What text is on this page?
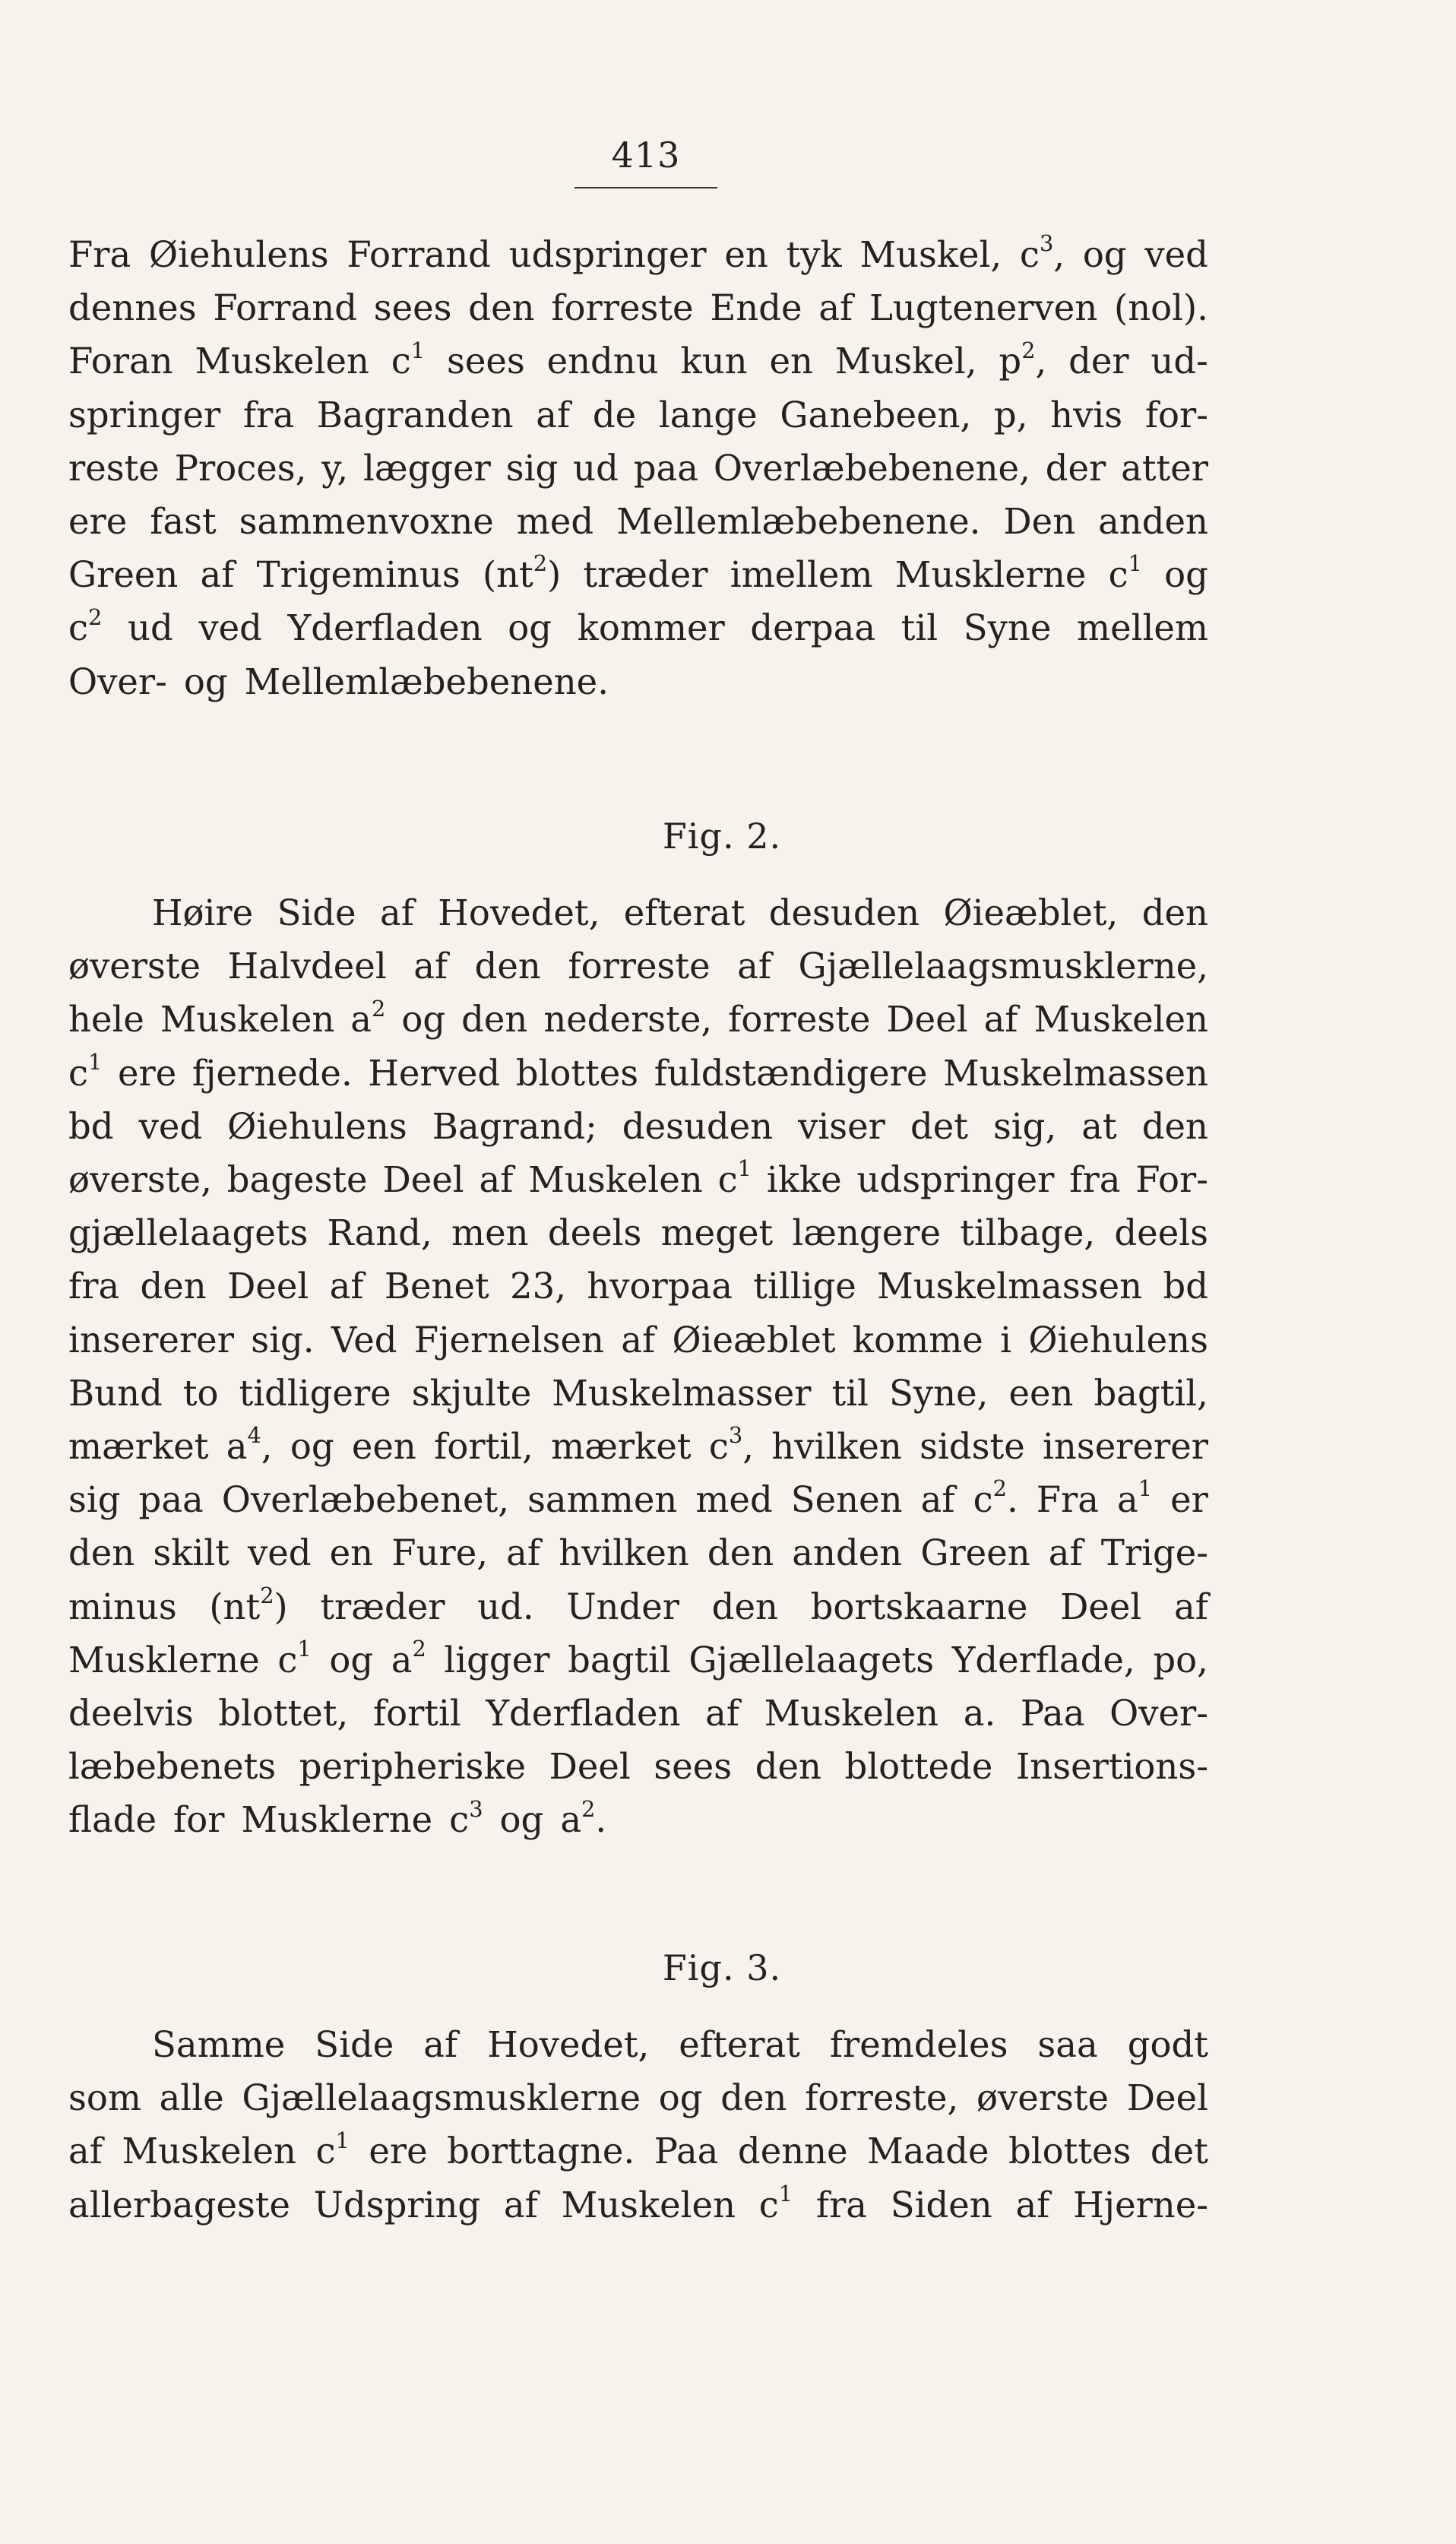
413
Fra Øiehulens Forrand udspringer en tyk Muskel, $c^3$, og ved
dennes Forrand sees den forreste Ende af Lugtenerven (nol).
Foran Muskelen $c^1$ sees endnu kun en Muskel, $p^2$, der ud-
springer fra Bagranden af de lange Ganebeen, p, hvis for-
reste Proces, y, lægger sig ud paa Overlæbebenene, der atter
ere fast sammenvoxne med Mellemlæbebenene. Den anden
Green af Trigeminus $(nt^2)$ træder imellem Musklerne $c^1$ og
$c^2$ ud ved Yderfladen og kommer derpaa til Syne mellem
Over- og Mellemlæbebenene.
Fig. 2.
Høire Side af Hovedet, efterat desuden Øieæblet, den
øverste Halvdeel af den forreste af Gjællelaagsmusklerne,
hele Muskelen $a^2$ og den nederste, forreste Deel af Muskelen
$c^1$ ere fjernede. Herved blottes fuldstændigere Muskelmassen
bd ved Øiehulens Bagrand; desuden viser det sig, at den
øverste, bageste Deel af Muskelen $c^1$ ikke udspringer fra For-
gjællelaagets Rand, men deels meget længere tilbage, deels
fra den Deel af Benet 23, hvorpaa tillige Muskelmassen bd
insererer sig. Ved Fjernelsen af Øieæblet komme i Øiehulens
Bund to tidligere skjulte Muskelmasser til Syne, een bagtil,
mærket $a^4$, og een fortil, mærket $c^3$, hvilken sidste insererer
sig paa Overlæbebenet, sammen med Senen af $c^2$. Fra $a^1$ er
den skilt ved en Fure, af hvilken den anden Green af Trige-
minus $(nt^2)$ træder ud. Under den bortskaarne Deel af
Musklerne $c^1$ og $a^2$ ligger bagtil Gjællelaagets Yderflade, po,
deelvis blottet, fortil Yderfladen af Muskelen a. Paa Over-
læbebenets peripheriske Deel sees den blottede Insertions-
flade for Musklerne $c^3$ og $a^2$.
Fig. 3.
Samme Side af Hovedet, efterat fremdeles saa godt
som alle Gjællelaagsmusklerne og den forreste, øverste Deel
af Muskelen $c^1$ ere borttagne. Paa denne Maade blottes det
allerbageste Udspring af Muskelen $c^1$ fra Siden af Hjerne-
